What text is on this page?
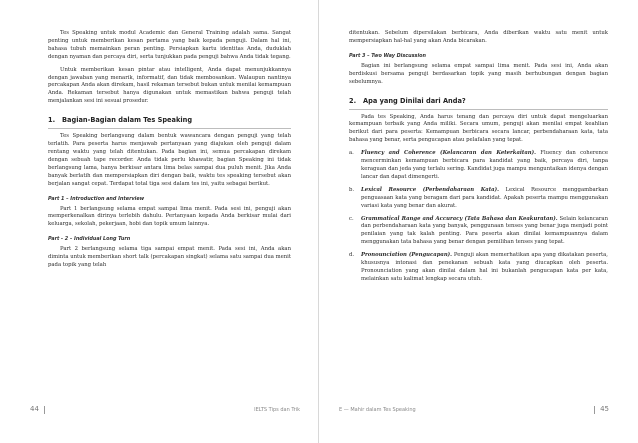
Tes Speaking untuk modul Academic dan General Training adalah sama. Sangat penting untuk memberikan kesan pertama yang baik kepada penguji. Dalam hal ini, bahasa tubuh memainkan peran penting. Persiapkan kartu identitas Anda, duduklah dengan nyaman dan percaya diri, serta tunjukkan pada penguji bahwa Anda tidak tegang.

Untuk memberikan kesan pintar atau intelligent, Anda dapat menunjukkannya dengan jawaban yang menarik, informatif, dan tidak membosankan. Walaupun nantinya percakapan Anda akan direkam, hasil rekaman tersebut bukan untuk menilai kemampuan Anda. Rekaman tersebut hanya digunakan untuk memastikan bahwa penguji telah menjalankan sesi ini sesuai prosedur.

1. Bagian-Bagian dalam Tes Speaking

Tes Speaking berlangsung dalam bentuk wawancara dengan penguji yang telah terlatih. Para peserta harus menjawab pertanyaan yang diajukan oleh penguji dalam rentang waktu yang telah ditentukan. Pada bagian ini, semua percakapan direkam dengan sebuah tape recorder. Anda tidak perlu khawatir, bagian Speaking ini tidak berlangsung lama, hanya berkisar antara lima belas sampai dua puluh menit. Jika Anda banyak berlatih dan mempersiapkan diri dengan baik, waktu tes speaking tersebut akan berjalan sangat cepat. Terdapat total tiga sesi dalam tes ini, yaitu sebagai berikut.

Part 1 – Introduction and Interview

Part 1 berlangsung selama empat sampai lima menit. Pada sesi ini, penguji akan memperkenalkan dirinya terlebih dahulu. Pertanyaan kepada Anda berkisar mulai dari keluarga, sekolah, pekerjaan, hobi dan topik umum lainnya.

Part - 2 – Individual Long Turn

Part 2 berlangsung selama tiga sampai empat menit. Pada sesi ini, Anda akan diminta untuk memberikan short talk (percakapan singkat) selama satu sampai dua menit pada topik yang telah

44	IELTS Tips dan Trik

ditentukan. Sebelum dipersilakan berbicara, Anda diberikan waktu satu menit untuk mempersiapkan hal-hal yang akan Anda bicarakan.

Part 3 – Two Way Discussion

Bagian ini berlangsung selama empat sampai lima menit. Pada sesi ini, Anda akan berdiskusi bersama penguji berdasarkan topik yang masih berhubungan dengan bagian sebelumnya.

2. Apa yang Dinilai dari Anda?

Pada tes Speaking, Anda harus tenang dan percaya diri untuk dapat mengeluarkan kemampuan terbaik yang Anda miliki. Secara umum, penguji akan menilai empat keahlian berikut dari para peserta: Kemampuan berbicara secara lancar, perbendaharaan kata, tata bahasa yang benar, serta pengucapan atau pelafalan yang tepat.

a. Fluency and Coherence (Kelancaran dan Keterkaitan). Fluency dan coherence mencerminkan kemampuan berbicara para kandidat yang baik, percaya diri, tanpa keraguan dan jeda yang terlalu sering. Kandidat juga mampu menguntaikan idenya dengan lancar dan dapat dimengerti.

b. Lexical Resource (Perbendaharaan Kata). Lexical Resource menggambarkan penguasaan kata yang beragam dari para kandidat. Apakah peserta mampu menggunakan variasi kata yang benar dan akurat.

c. Grammatical Range and Accuracy (Tata Bahasa dan Keakuratan). Selain kelancaran dan perbendaharaan kata yang banyak, penggunaan tenses yang benar juga menjadi point penilaian yang tak kalah penting. Para peserta akan dinilai kemampuannya dalam menggunakan tata bahasa yang benar dengan pemilihan tenses yang tepat.

d. Pronounciation (Pengucapan). Penguji akan memerhatikan apa yang dikatakan peserta, khususnya intonasi dan penekanan sebuah kata yang diucapkan oleh peserta. Pronounciation yang akan dinilai dalam hal ini bukanlah pengucapan kata per kata, melainkan satu kalimat lengkap secara utuh.

E — Mahir dalam Tes Speaking	45
